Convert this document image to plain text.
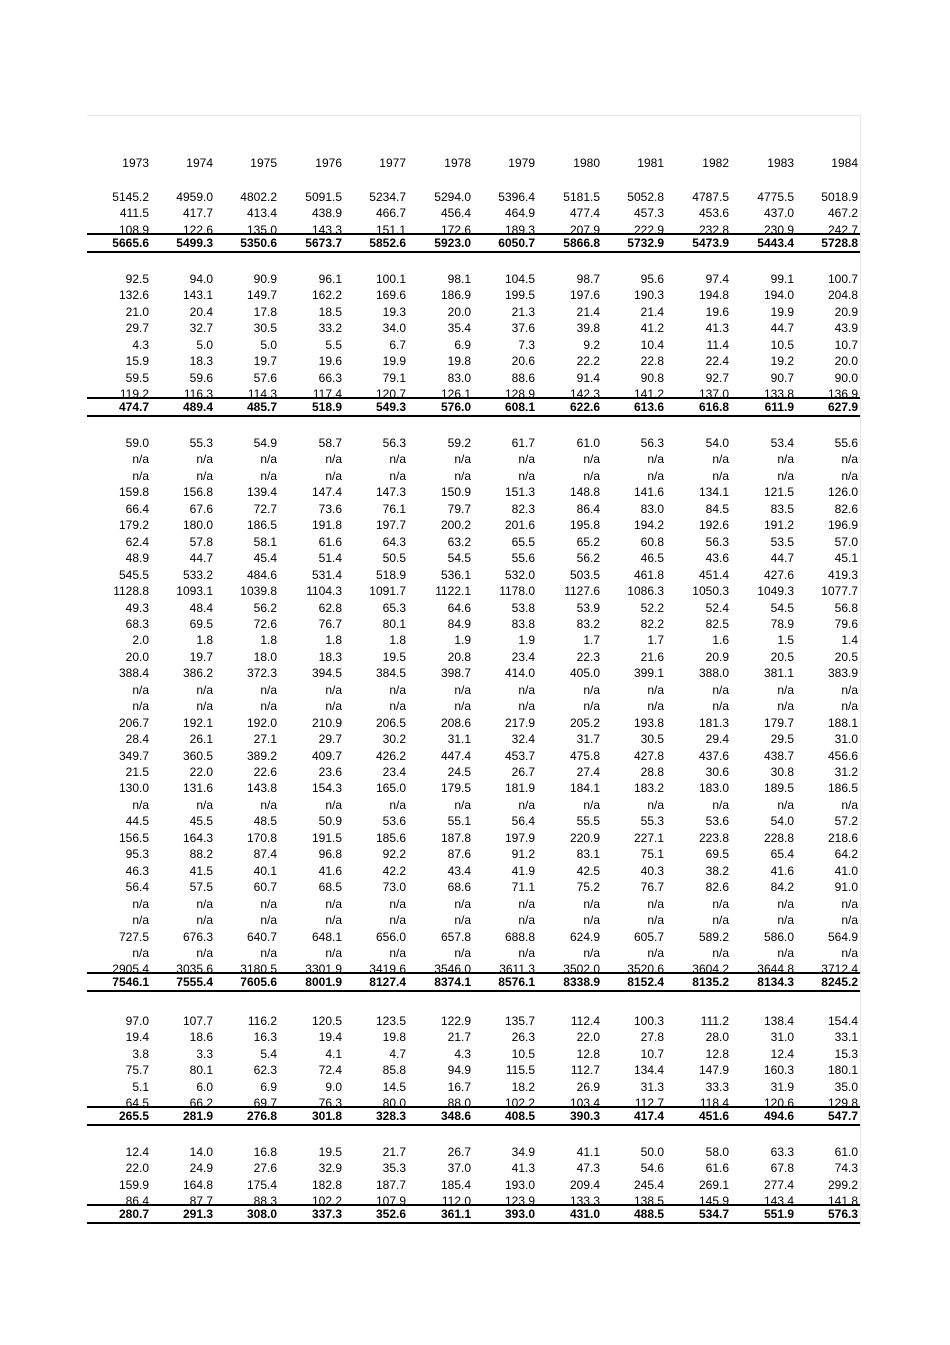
1973	1974	1975	1976	1977	1978	1979	1980	1981	1982	1983	1984
5145.2	4959.0	4802.2	5091.5	5234.7	5294.0	5396.4	5181.5	5052.8	4787.5	4775.5	5018.9
411.5	417.7	413.4	438.9	466.7	456.4	464.9	477.4	457.3	453.6	437.0	467.2
108.9	122.6	135.0	143.3	151.1	172.6	189.3	207.9	222.9	232.8	230.9	242.7
5665.6	5499.3	5350.6	5673.7	5852.6	5923.0	6050.7	5866.8	5732.9	5473.9	5443.4	5728.8
92.5	94.0	90.9	96.1	100.1	98.1	104.5	98.7	95.6	97.4	99.1	100.7
132.6	143.1	149.7	162.2	169.6	186.9	199.5	197.6	190.3	194.8	194.0	204.8
21.0	20.4	17.8	18.5	19.3	20.0	21.3	21.4	21.4	19.6	19.9	20.9
29.7	32.7	30.5	33.2	34.0	35.4	37.6	39.8	41.2	41.3	44.7	43.9
4.3	5.0	5.0	5.5	6.7	6.9	7.3	9.2	10.4	11.4	10.5	10.7
15.9	18.3	19.7	19.6	19.9	19.8	20.6	22.2	22.8	22.4	19.2	20.0
59.5	59.6	57.6	66.3	79.1	83.0	88.6	91.4	90.8	92.7	90.7	90.0
119.2	116.3	114.3	117.4	120.7	126.1	128.9	142.3	141.2	137.0	133.8	136.9
474.7	489.4	485.7	518.9	549.3	576.0	608.1	622.6	613.6	616.8	611.9	627.9
59.0	55.3	54.9	58.7	56.3	59.2	61.7	61.0	56.3	54.0	53.4	55.6
n/a	n/a	n/a	n/a	n/a	n/a	n/a	n/a	n/a	n/a	n/a	n/a
n/a	n/a	n/a	n/a	n/a	n/a	n/a	n/a	n/a	n/a	n/a	n/a
159.8	156.8	139.4	147.4	147.3	150.9	151.3	148.8	141.6	134.1	121.5	126.0
66.4	67.6	72.7	73.6	76.1	79.7	82.3	86.4	83.0	84.5	83.5	82.6
179.2	180.0	186.5	191.8	197.7	200.2	201.6	195.8	194.2	192.6	191.2	196.9
62.4	57.8	58.1	61.6	64.3	63.2	65.5	65.2	60.8	56.3	53.5	57.0
48.9	44.7	45.4	51.4	50.5	54.5	55.6	56.2	46.5	43.6	44.7	45.1
545.5	533.2	484.6	531.4	518.9	536.1	532.0	503.5	461.8	451.4	427.6	419.3
1128.8	1093.1	1039.8	1104.3	1091.7	1122.1	1178.0	1127.6	1086.3	1050.3	1049.3	1077.7
49.3	48.4	56.2	62.8	65.3	64.6	53.8	53.9	52.2	52.4	54.5	56.8
68.3	69.5	72.6	76.7	80.1	84.9	83.8	83.2	82.2	82.5	78.9	79.6
2.0	1.8	1.8	1.8	1.8	1.9	1.9	1.7	1.7	1.6	1.5	1.4
20.0	19.7	18.0	18.3	19.5	20.8	23.4	22.3	21.6	20.9	20.5	20.5
388.4	386.2	372.3	394.5	384.5	398.7	414.0	405.0	399.1	388.0	381.1	383.9
n/a	n/a	n/a	n/a	n/a	n/a	n/a	n/a	n/a	n/a	n/a	n/a
n/a	n/a	n/a	n/a	n/a	n/a	n/a	n/a	n/a	n/a	n/a	n/a
206.7	192.1	192.0	210.9	206.5	208.6	217.9	205.2	193.8	181.3	179.7	188.1
28.4	26.1	27.1	29.7	30.2	31.1	32.4	31.7	30.5	29.4	29.5	31.0
349.7	360.5	389.2	409.7	426.2	447.4	453.7	475.8	427.8	437.6	438.7	456.6
21.5	22.0	22.6	23.6	23.4	24.5	26.7	27.4	28.8	30.6	30.8	31.2
130.0	131.6	143.8	154.3	165.0	179.5	181.9	184.1	183.2	183.0	189.5	186.5
n/a	n/a	n/a	n/a	n/a	n/a	n/a	n/a	n/a	n/a	n/a	n/a
44.5	45.5	48.5	50.9	53.6	55.1	56.4	55.5	55.3	53.6	54.0	57.2
156.5	164.3	170.8	191.5	185.6	187.8	197.9	220.9	227.1	223.8	228.8	218.6
95.3	88.2	87.4	96.8	92.2	87.6	91.2	83.1	75.1	69.5	65.4	64.2
46.3	41.5	40.1	41.6	42.2	43.4	41.9	42.5	40.3	38.2	41.6	41.0
56.4	57.5	60.7	68.5	73.0	68.6	71.1	75.2	76.7	82.6	84.2	91.0
n/a	n/a	n/a	n/a	n/a	n/a	n/a	n/a	n/a	n/a	n/a	n/a
n/a	n/a	n/a	n/a	n/a	n/a	n/a	n/a	n/a	n/a	n/a	n/a
727.5	676.3	640.7	648.1	656.0	657.8	688.8	624.9	605.7	589.2	586.0	564.9
n/a	n/a	n/a	n/a	n/a	n/a	n/a	n/a	n/a	n/a	n/a	n/a
2905.4	3035.6	3180.5	3301.9	3419.6	3546.0	3611.3	3502.0	3520.6	3604.2	3644.8	3712.4
7546.1	7555.4	7605.6	8001.9	8127.4	8374.1	8576.1	8338.9	8152.4	8135.2	8134.3	8245.2
97.0	107.7	116.2	120.5	123.5	122.9	135.7	112.4	100.3	111.2	138.4	154.4
19.4	18.6	16.3	19.4	19.8	21.7	26.3	22.0	27.8	28.0	31.0	33.1
3.8	3.3	5.4	4.1	4.7	4.3	10.5	12.8	10.7	12.8	12.4	15.3
75.7	80.1	62.3	72.4	85.8	94.9	115.5	112.7	134.4	147.9	160.3	180.1
5.1	6.0	6.9	9.0	14.5	16.7	18.2	26.9	31.3	33.3	31.9	35.0
64.5	66.2	69.7	76.3	80.0	88.0	102.2	103.4	112.7	118.4	120.6	129.8
265.5	281.9	276.8	301.8	328.3	348.6	408.5	390.3	417.4	451.6	494.6	547.7
12.4	14.0	16.8	19.5	21.7	26.7	34.9	41.1	50.0	58.0	63.3	61.0
22.0	24.9	27.6	32.9	35.3	37.0	41.3	47.3	54.6	61.6	67.8	74.3
159.9	164.8	175.4	182.8	187.7	185.4	193.0	209.4	245.4	269.1	277.4	299.2
86.4	87.7	88.3	102.2	107.9	112.0	123.9	133.3	138.5	145.9	143.4	141.8
280.7	291.3	308.0	337.3	352.6	361.1	393.0	431.0	488.5	534.7	551.9	576.3
